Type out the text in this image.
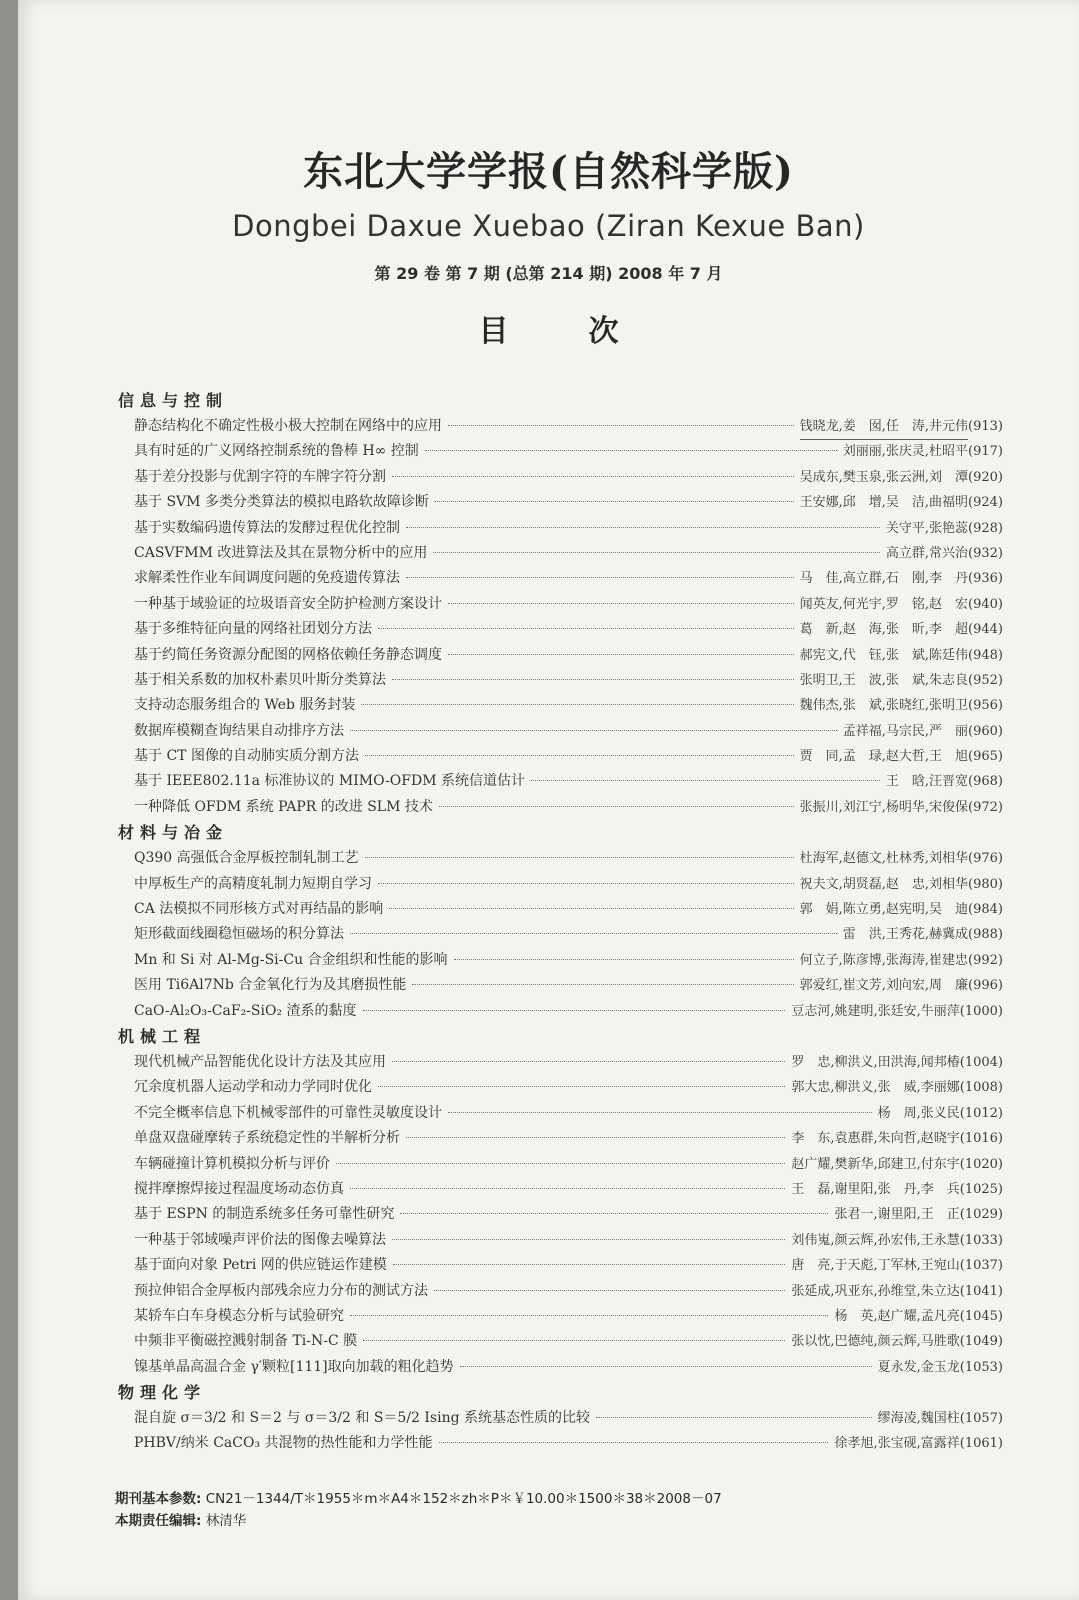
东北大学学报(自然科学版)
Dongbei Daxue Xuebao (Ziran Kexue Ban)
第 29 卷 第 7 期 (总第 214 期) 2008 年 7 月
目次
信息与控制
静态结构化不确定性极小极大控制在网络中的应用	钱晓龙,姜　囡,任　涛,井元伟 ( 913 )
具有时延的广义网络控制系统的鲁棒 H∞ 控制	刘丽丽,张庆灵,杜昭平 ( 917 )
基于差分投影与优割字符的车牌字符分割	吴成东,樊玉泉,张云洲,刘　潭 ( 920 )
基于 SVM 多类分类算法的模拟电路软故障诊断	王安娜,邱　增,吴　洁,曲福明 ( 924 )
基于实数编码遗传算法的发酵过程优化控制	关守平,张艳蕊 ( 928 )
CASVFMM 改进算法及其在景物分析中的应用	高立群,常兴治 ( 932 )
求解柔性作业车间调度问题的免疫遗传算法	马　佳,高立群,石　刚,李　丹 ( 936 )
一种基于域验证的垃圾语音安全防护检测方案设计	闻英友,何光宇,罗　铭,赵　宏 ( 940 )
基于多维特征向量的网络社团划分方法	葛　新,赵　海,张　昕,李　超 ( 944 )
基于约简任务资源分配图的网格依赖任务静态调度	郝宪文,代　钰,张　斌,陈廷伟 ( 948 )
基于相关系数的加权朴素贝叶斯分类算法	张明卫,王　波,张　斌,朱志良 ( 952 )
支持动态服务组合的 Web 服务封装	魏伟杰,张　斌,张晓红,张明卫 ( 956 )
数据库模糊查询结果自动排序方法	孟祥福,马宗民,严　丽 ( 960 )
基于 CT 图像的自动肺实质分割方法	贾　同,孟　琭,赵大哲,王　旭 ( 965 )
基于 IEEE802.11a 标准协议的 MIMO-OFDM 系统信道估计	王　晗,汪晋宽 ( 968 )
一种降低 OFDM 系统 PAPR 的改进 SLM 技术	张振川,刘江宁,杨明华,宋俊保 ( 972 )
材料与冶金
Q390 高强低合金厚板控制轧制工艺	杜海军,赵德文,杜林秀,刘相华 ( 976 )
中厚板生产的高精度轧制力短期自学习	祝夫文,胡贤磊,赵　忠,刘相华 ( 980 )
CA 法模拟不同形核方式对再结晶的影响	郭　娟,陈立勇,赵宪明,吴　迪 ( 984 )
矩形截面线圈稳恒磁场的积分算法	雷　洪,王秀花,赫冀成 ( 988 )
Mn 和 Si 对 Al-Mg-Si-Cu 合金组织和性能的影响	何立子,陈彦博,张海涛,崔建忠 ( 992 )
医用 Ti6Al7Nb 合金氧化行为及其磨损性能	郭爱红,崔文芳,刘向宏,周　廉 ( 996 )
CaO-Al₂O₃-CaF₂-SiO₂ 渣系的黏度	豆志河,姚建明,张廷安,牛丽萍 ( 1000 )
机械工程
现代机械产品智能优化设计方法及其应用	罗　忠,柳洪义,田洪海,闻邦椿 ( 1004 )
冗余度机器人运动学和动力学同时优化	郭大忠,柳洪义,张　威,李丽娜 ( 1008 )
不完全概率信息下机械零部件的可靠性灵敏度设计	杨　周,张义民 ( 1012 )
单盘双盘碰摩转子系统稳定性的半解析分析	李　东,袁惠群,朱向哲,赵晓宇 ( 1016 )
车辆碰撞计算机模拟分析与评价	赵广耀,樊新华,邱建卫,付东宇 ( 1020 )
搅拌摩擦焊接过程温度场动态仿真	王　磊,谢里阳,张　丹,李　兵 ( 1025 )
基于 ESPN 的制造系统多任务可靠性研究	张君一,谢里阳,王　正 ( 1029 )
一种基于邻域噪声评价法的图像去噪算法	刘伟嵬,颜云辉,孙宏伟,王永慧 ( 1033 )
基于面向对象 Petri 网的供应链运作建模	唐　亮,于天彪,丁军林,王宛山 ( 1037 )
预拉伸铝合金厚板内部残余应力分布的测试方法	张延成,巩亚东,孙维堂,朱立达 ( 1041 )
某轿车白车身模态分析与试验研究	杨　英,赵广耀,孟凡亮 ( 1045 )
中频非平衡磁控溅射制备 Ti-N-C 膜	张以忱,巴德纯,颜云辉,马胜歌 ( 1049 )
镍基单晶高温合金 γ′颗粒[111]取向加载的粗化趋势	夏永发,金玉龙 ( 1053 )
物理化学
混自旋 σ＝3/2 和 S＝2 与 σ＝3/2 和 S＝5/2 Ising 系统基态性质的比较	缪海凌,魏国柱 ( 1057 )
PHBV/纳米 CaCO₃ 共混物的热性能和力学性能	徐孝旭,张宝砚,富露祥 ( 1061 )
期刊基本参数: CN21－1344/T＊1955＊m＊A4＊152＊zh＊P＊￥10.00＊1500＊38＊2008－07
本期责任编辑: 林清华
